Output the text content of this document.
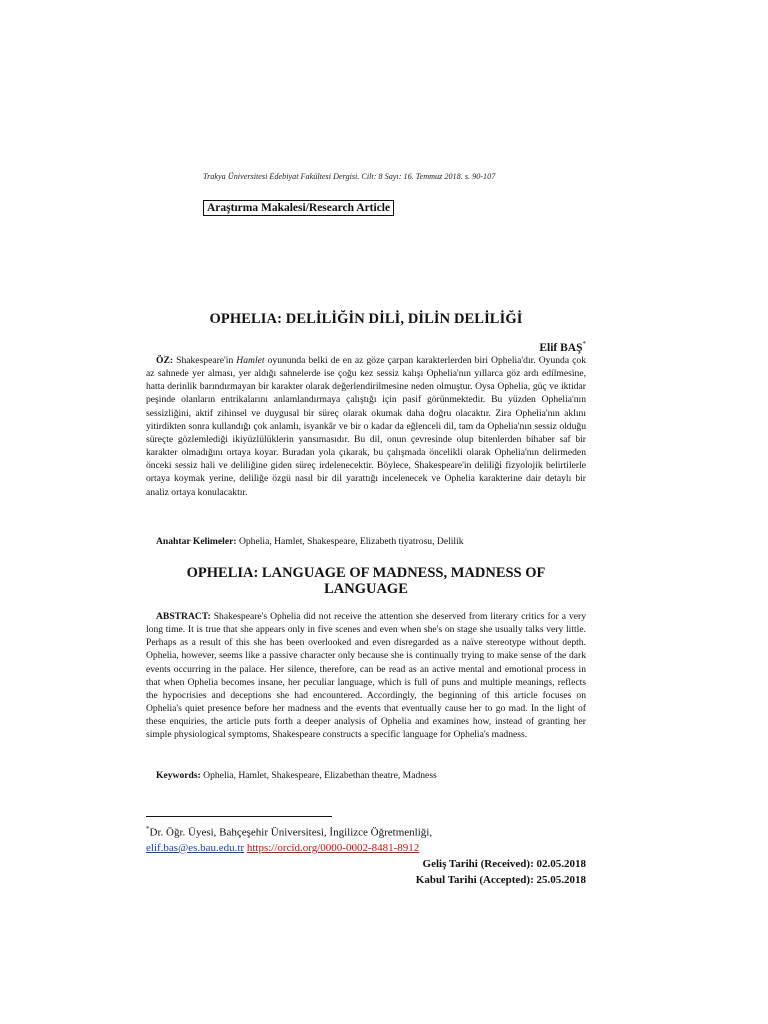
Trakya Üniversitesi Edebiyat Fakültesi Dergisi. Cilt: 8 Sayı: 16. Temmuz 2018. s. 90-107
Araştırma Makalesi/Research Article
OPHELIA: DELİLİĞİN DİLİ, DİLİN DELİLİĞİ
Elif BAŞ*

ÖZ: Shakespeare'in Hamlet oyununda belki de en az göze çarpan karakterlerden biri Ophelia'dır. Oyunda çok az sahnede yer alması, yer aldığı sahnelerde ise çoğu kez sessiz kalışı Ophelia'nın yıllarca göz ardı edilmesine, hatta derinlik barındırmayan bir karakter olarak değerlendirilmesine neden olmuştur. Oysa Ophelia, güç ve iktidar peşinde olanların entrikalarını anlamlandırmaya çalıştığı için pasif görünmektedir. Bu yüzden Ophelia'nın sessizliğini, aktif zihinsel ve duygusal bir süreç olarak okumak daha doğru olacaktır. Zira Ophelia'nın aklını yitirdikten sonra kullandığı çok anlamlı, isyankâr ve bir o kadar da eğlenceli dil, tam da Ophelia'nın sessiz olduğu süreçte gözlemlediği ikiyüzlülüklerin yansımasıdır. Bu dil, onun çevresinde olup bitenlerden bihaber saf bir karakter olmadığını ortaya koyar. Buradan yola çıkarak, bu çalışmada öncelikli olarak Ophelia'nın delirmeden önceki sessiz hali ve deliliğine giden süreç irdelenecektir. Böylece, Shakespeare'in deliliği fizyolojik belirtilerle ortaya koymak yerine, deliliğe özgü nasıl bir dil yarattığı incelenecek ve Ophelia karakterine dair detaylı bir analiz ortaya konulacaktır.

Anahtar Kelimeler: Ophelia, Hamlet, Shakespeare, Elizabeth tiyatrosu, Delilik
OPHELIA: LANGUAGE OF MADNESS, MADNESS OF LANGUAGE

ABSTRACT: Shakespeare's Ophelia did not receive the attention she deserved from literary critics for a very long time. It is true that she appears only in five scenes and even when she's on stage she usually talks very little. Perhaps as a result of this she has been overlooked and even disregarded as a naïve stereotype without depth. Ophelia, however, seems like a passive character only because she is continually trying to make sense of the dark events occurring in the palace. Her silence, therefore, can be read as an active mental and emotional process in that when Ophelia becomes insane, her peculiar language, which is full of puns and multiple meanings, reflects the hypocrisies and deceptions she had encountered. Accordingly, the beginning of this article focuses on Ophelia's quiet presence before her madness and the events that eventually cause her to go mad. In the light of these enquiries, the article puts forth a deeper analysis of Ophelia and examines how, instead of granting her simple physiological symptoms, Shakespeare constructs a specific language for Ophelia's madness.

Keywords: Ophelia, Hamlet, Shakespeare, Elizabethan theatre, Madness
*Dr. Öğr. Üyesi, Bahçeşehir Üniversitesi, İngilizce Öğretmenliği,
elif.bas@es.bau.edu.tr https://orcid.org/0000-0002-8481-8912
Geliş Tarihi (Received): 02.05.2018
Kabul Tarihi (Accepted): 25.05.2018
